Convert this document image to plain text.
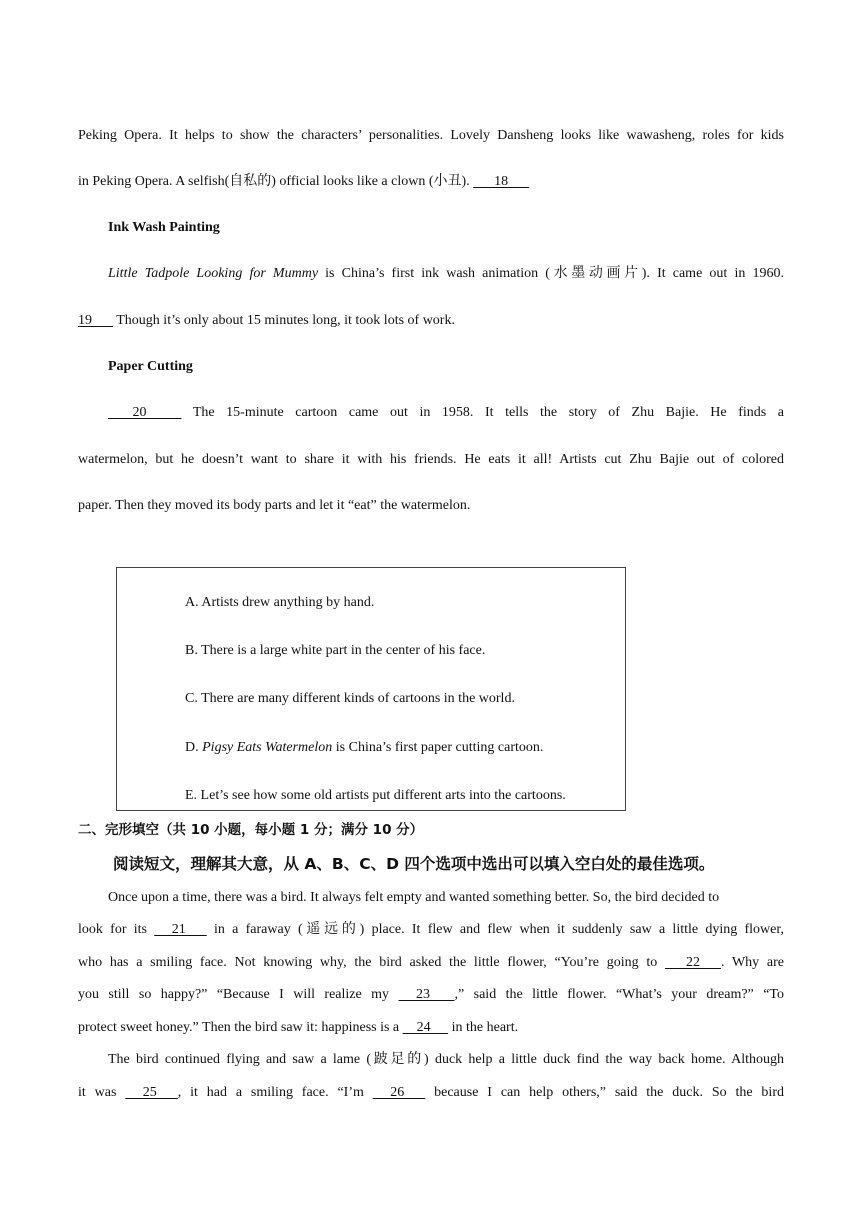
Peking Opera. It helps to show the characters’ personalities. Lovely Dansheng looks like wawasheng, roles for kids
in Peking Opera. A selfish(自私的) official looks like a clown (小丑).       18
Ink Wash Painting
Little Tadpole Looking for Mummy is China’s first ink wash animation (水墨动画片). It came out in 1960.
19       Though it’s only about 15 minutes long, it took lots of work.
Paper Cutting
20           The 15-minute cartoon came out in 1958. It tells the story of Zhu Bajie. He finds a
watermelon, but he doesn’t want to share it with his friends. He eats it all! Artists cut Zhu Bajie out of colored
paper. Then they moved its body parts and let it “eat” the watermelon.
A. Artists drew anything by hand.
B. There is a large white part in the center of his face.
C. There are many different kinds of cartoons in the world.
D. Pigsy Eats Watermelon is China’s first paper cutting cartoon.
E. Let’s see how some old artists put different arts into the cartoons.
二、完形填空（共 10 小题，每小题 1 分；满分 10 分）
阅读短文，理解其大意，从 A、B、C、D 四个选项中选出可以填入空白处的最佳选项。
Once upon a time, there was a bird. It always felt empty and wanted something better. So, the bird decided to
look for its      21       in a faraway (遥远的) place. It flew and flew when it suddenly saw a little dying flower,
who has a smiling face. Not knowing why, the bird asked the little flower, “You’re going to       22      . Why are
you still so happy?” “Because I will realize my      23       ,” said the little flower. “What’s your dream?” “To
protect sweet honey.” Then the bird saw it: happiness is a     24      in the heart.
The bird continued flying and saw a lame (跛足的) duck help a little duck find the way back home. Although
it was      25      , it had a smiling face. “I’m      26       because I can help others,” said the duck. So the bird
